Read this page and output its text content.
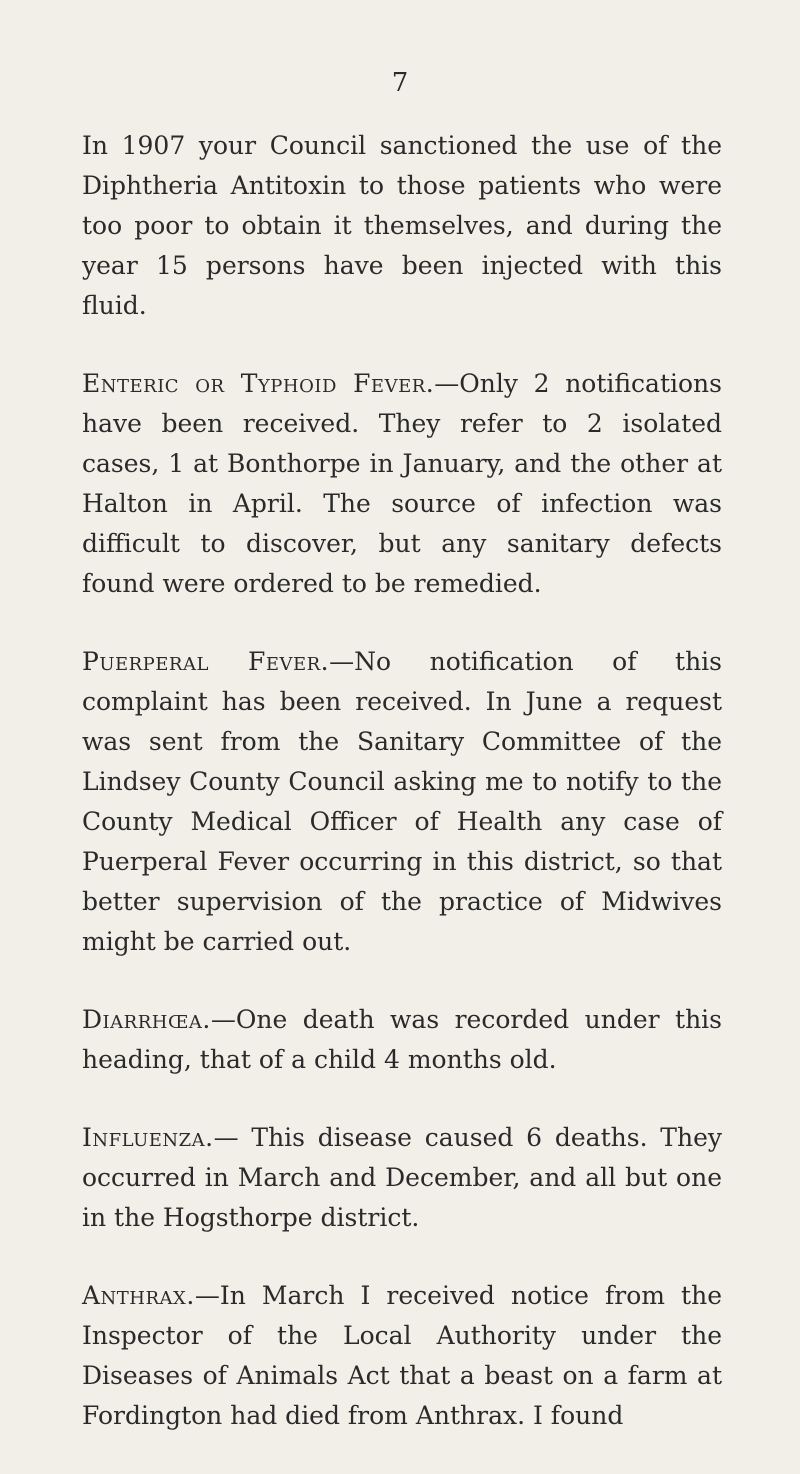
7

In 1907 your Council sanctioned the use of the Diphtheria Antitoxin to those patients who were too poor to obtain it themselves, and during the year 15 persons have been injected with this fluid.

Enteric or Typhoid Fever.—Only 2 notifications have been received. They refer to 2 isolated cases, 1 at Bonthorpe in January, and the other at Halton in April. The source of infection was difficult to discover, but any sanitary defects found were ordered to be remedied.

Puerperal Fever.—No notification of this complaint has been received. In June a request was sent from the Sanitary Committee of the Lindsey County Council asking me to notify to the County Medical Officer of Health any case of Puerperal Fever occurring in this district, so that better supervision of the practice of Midwives might be carried out.

Diarrhœa.—One death was recorded under this heading, that of a child 4 months old.

Influenza.— This disease caused 6 deaths. They occurred in March and December, and all but one in the Hogsthorpe district.

Anthrax.—In March I received notice from the Inspector of the Local Authority under the Diseases of Animals Act that a beast on a farm at Fordington had died from Anthrax. I found
